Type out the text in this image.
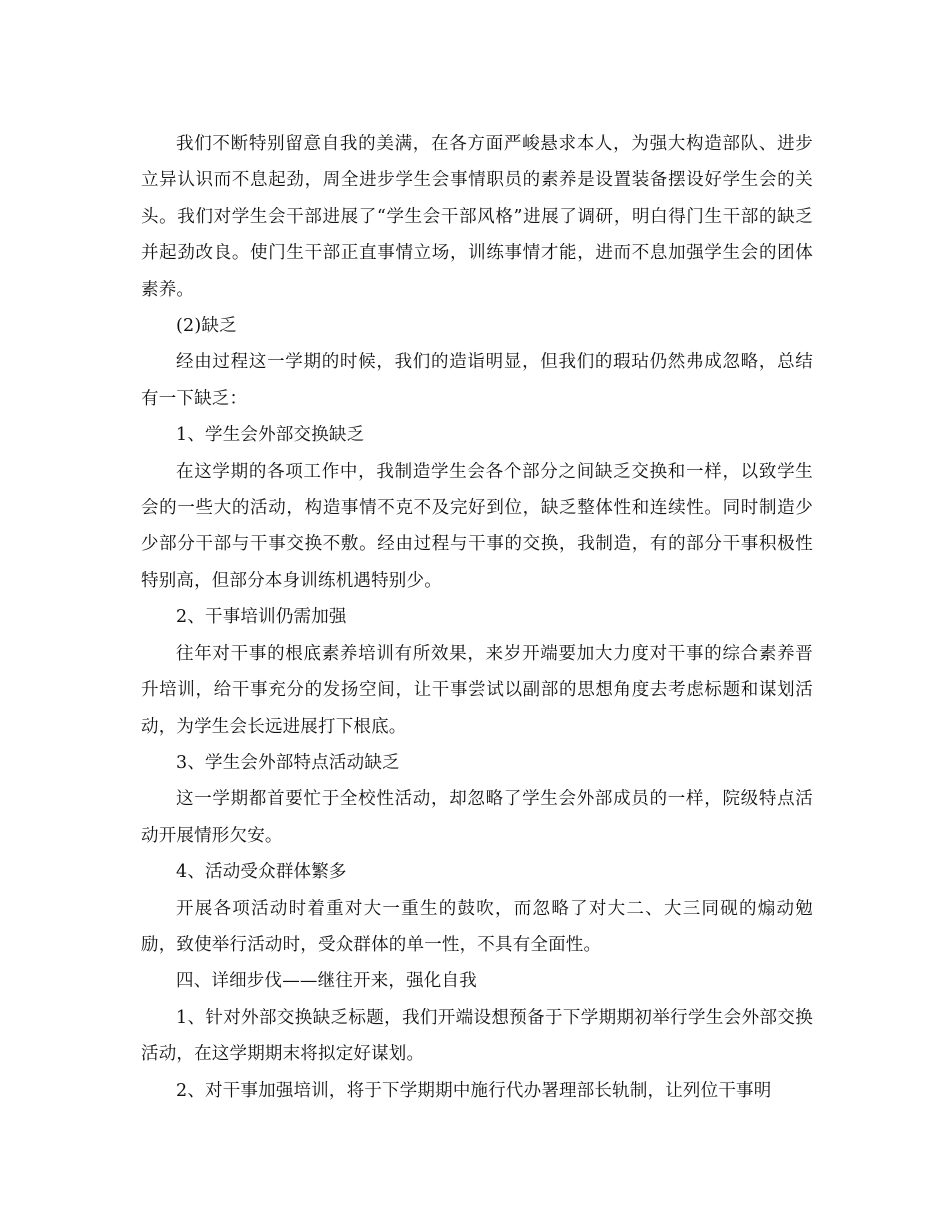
我们不断特别留意自我的美满，在各方面严峻悬求本人，为强大构造部队、进步立异认识而不息起劲，周全进步学生会事情职员的素养是设置装备摆设好学生会的关头。我们对学生会干部进展了“学生会干部风格”进展了调研，明白得门生干部的缺乏并起劲改良。使门生干部正直事情立场，训练事情才能，进而不息加强学生会的团体素养。

(2)缺乏

经由过程这一学期的时候，我们的造诣明显，但我们的瑕玷仍然弗成忽略，总结有一下缺乏：

1、学生会外部交换缺乏

在这学期的各项工作中，我制造学生会各个部分之间缺乏交换和一样，以致学生会的一些大的活动，构造事情不克不及完好到位，缺乏整体性和连续性。同时制造少少部分干部与干事交换不敷。经由过程与干事的交换，我制造，有的部分干事积极性特别高，但部分本身训练机遇特别少。

2、干事培训仍需加强

往年对干事的根底素养培训有所效果，来岁开端要加大力度对干事的综合素养晋升培训，给干事充分的发扬空间，让干事尝试以副部的思想角度去考虑标题和谋划活动，为学生会长远进展打下根底。

3、学生会外部特点活动缺乏

这一学期都首要忙于全校性活动，却忽略了学生会外部成员的一样，院级特点活动开展情形欠安。

4、活动受众群体繁多

开展各项活动时着重对大一重生的鼓吹，而忽略了对大二、大三同砚的煽动勉励，致使举行活动时，受众群体的单一性，不具有全面性。

四、详细步伐——继往开来，强化自我

1、针对外部交换缺乏标题，我们开端设想预备于下学期期初举行学生会外部交换活动，在这学期期末将拟定好谋划。

2、对干事加强培训，将于下学期期中施行代办署理部长轨制，让列位干事明
